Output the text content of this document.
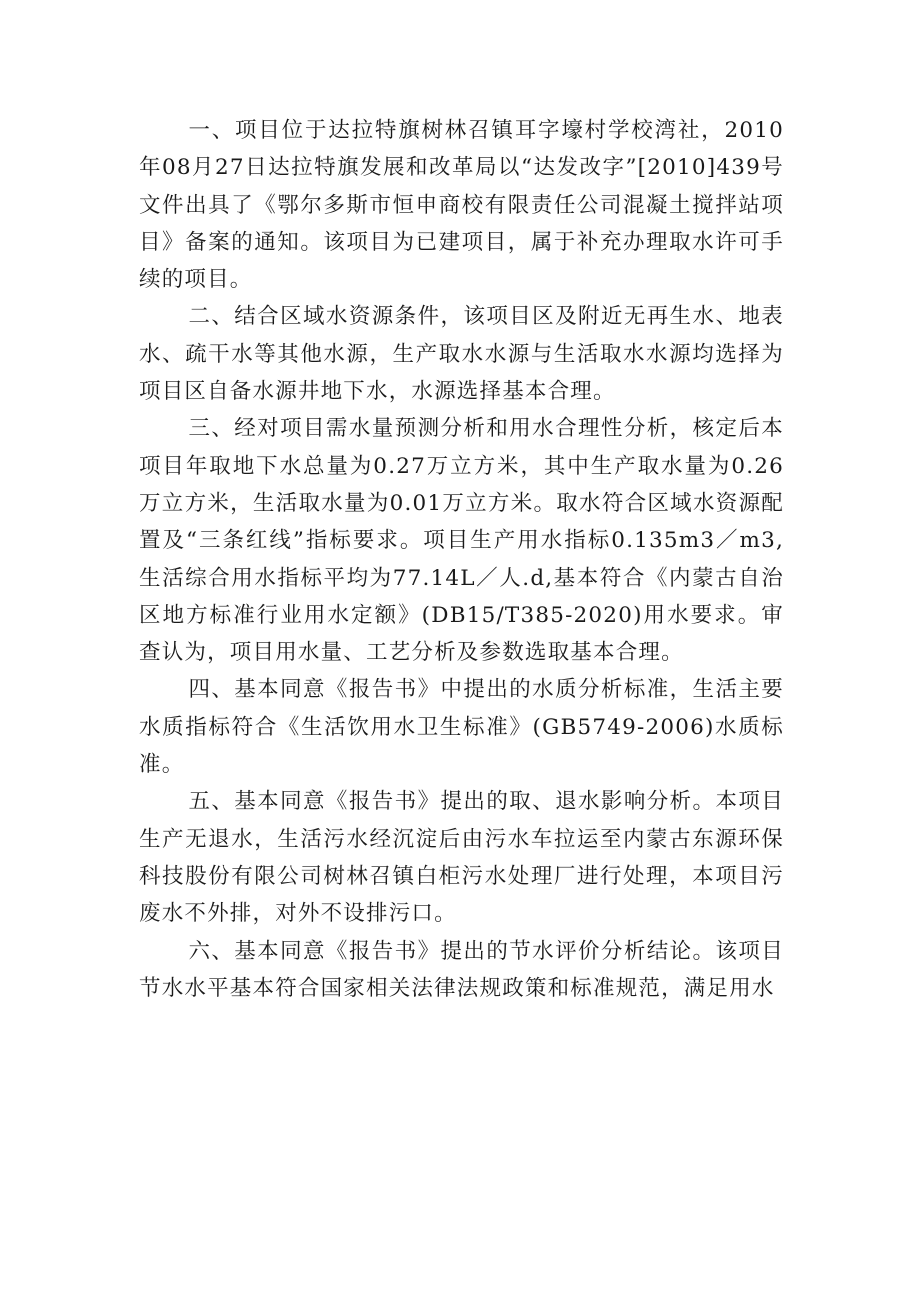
一、项目位于达拉特旗树林召镇耳字壕村学校湾社，2010年08月27日达拉特旗发展和改革局以“达发改字”[2010]439号文件出具了《鄂尔多斯市恒申商校有限责任公司混凝土搅拌站项目》备案的通知。该项目为已建项目，属于补充办理取水许可手续的项目。

二、结合区域水资源条件，该项目区及附近无再生水、地表水、疏干水等其他水源，生产取水水源与生活取水水源均选择为项目区自备水源井地下水，水源选择基本合理。

三、经对项目需水量预测分析和用水合理性分析，核定后本项目年取地下水总量为0.27万立方米，其中生产取水量为0.26万立方米，生活取水量为0.01万立方米。取水符合区域水资源配置及“三条红线”指标要求。项目生产用水指标0.135m3／m3,生活综合用水指标平均为77.14L／人.d,基本符合《内蒙古自治区地方标准行业用水定额》(DB15/T385-2020)用水要求。审查认为，项目用水量、工艺分析及参数选取基本合理。

四、基本同意《报告书》中提出的水质分析标准，生活主要水质指标符合《生活饮用水卫生标准》(GB5749-2006)水质标准。

五、基本同意《报告书》提出的取、退水影响分析。本项目生产无退水，生活污水经沉淀后由污水车拉运至内蒙古东源环保科技股份有限公司树林召镇白柜污水处理厂进行处理，本项目污废水不外排，对外不设排污口。

六、基本同意《报告书》提出的节水评价分析结论。该项目节水水平基本符合国家相关法律法规政策和标准规范，满足用水
